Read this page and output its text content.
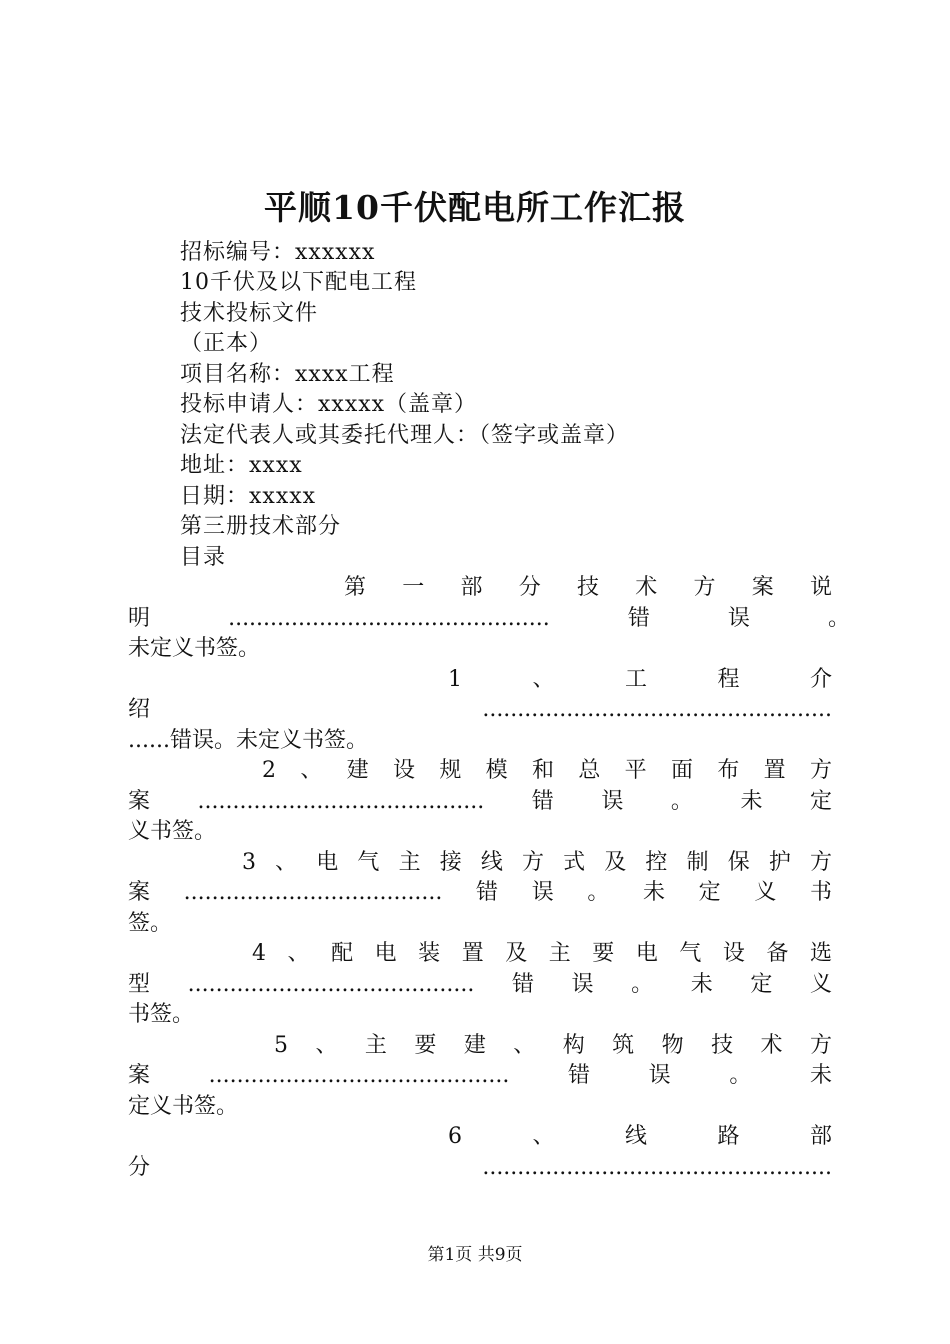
平顺10千伏配电所工作汇报
招标编号：xxxxxx
10千伏及以下配电工程
技术投标文件
（正本）
项目名称：xxxx工程
投标申请人：xxxxx（盖章）
法定代表人或其委托代理人：（签字或盖章）
地址：xxxx
日期：xxxxx
第三册技术部分
目录
第一部分技术方案说
明..............................................错误。
未定义书签。
1、工程介
绍..................................................
......错误。未定义书签。
2、建设规模和总平面布置方
案.........................................错误。未定
义书签。
3、电气主接线方式及控制保护方
案.....................................错误。未定义书
签。
4、配电装置及主要电气设备选
型.........................................错误。未定义
书签。
5、主要建、构筑物技术方
案...........................................错误。未
定义书签。
6、线路部
分..................................................
第1页 共9页
